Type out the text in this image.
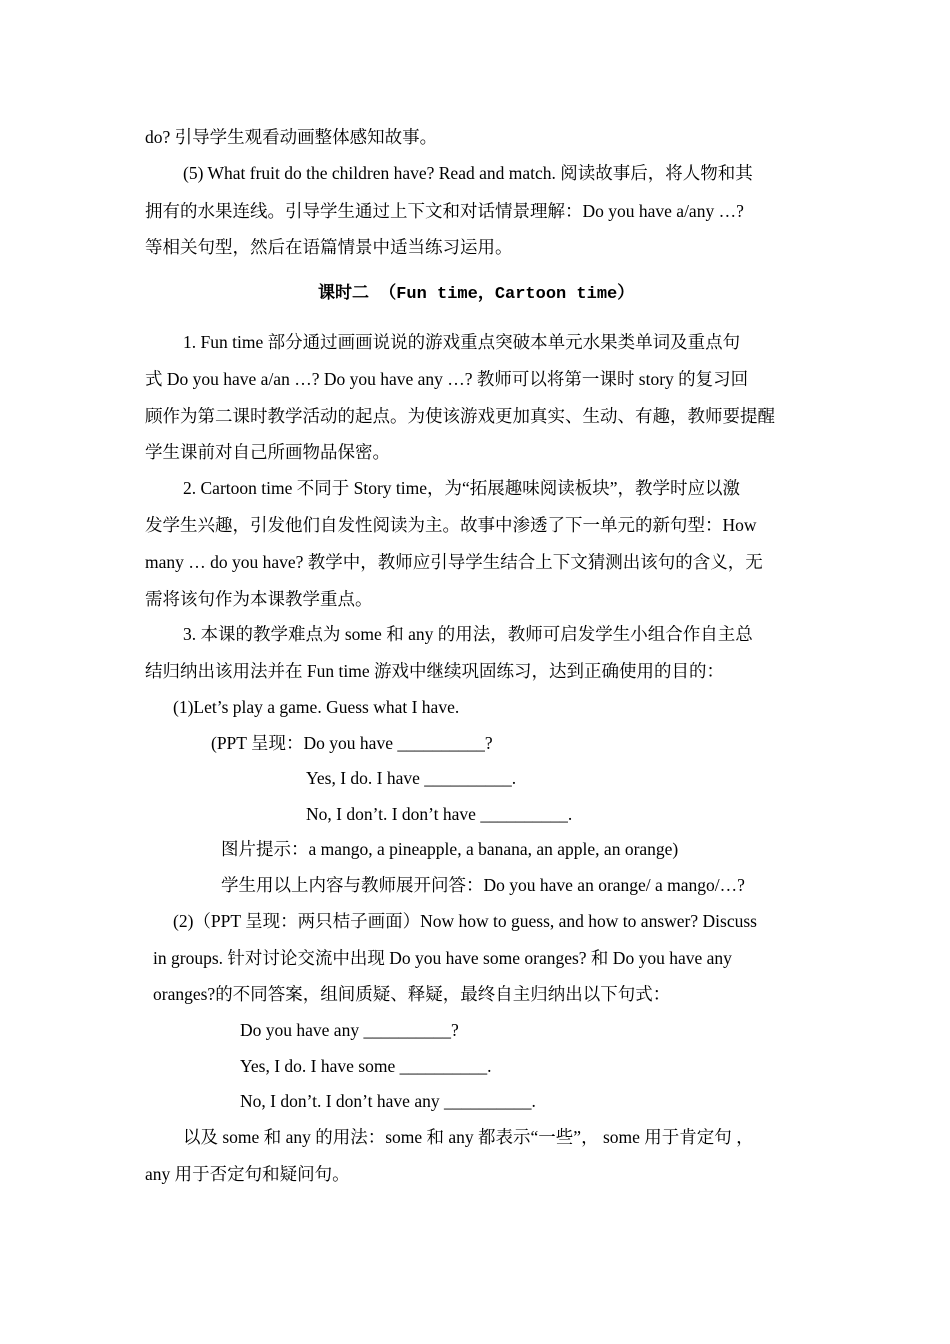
do? 引导学生观看动画整体感知故事。
(5) What fruit do the children have? Read and match. 阅读故事后，将人物和其
拥有的水果连线。引导学生通过上下文和对话情景理解：Do you have a/any …?
等相关句型，然后在语篇情景中适当练习运用。
课时二 （Fun time，Cartoon time）
1. Fun time 部分通过画画说说的游戏重点突破本单元水果类单词及重点句
式 Do you have a/an …? Do you have any …? 教师可以将第一课时 story 的复习回
顾作为第二课时教学活动的起点。为使该游戏更加真实、生动、有趣，教师要提醒
学生课前对自己所画物品保密。
2. Cartoon time 不同于 Story time，为“拓展趣味阅读板块”，教学时应以激
发学生兴趣，引发他们自发性阅读为主。故事中渗透了下一单元的新句型：How
many … do you have? 教学中，教师应引导学生结合上下文猜测出该句的含义，无
需将该句作为本课教学重点。
3. 本课的教学难点为 some 和 any 的用法，教师可启发学生小组合作自主总
结归纳出该用法并在 Fun time 游戏中继续巩固练习，达到正确使用的目的：
(1)Let’s play a game. Guess what I have.
(PPT 呈现：Do you have __________?
Yes, I do. I have __________.
No, I don’t. I don’t have __________.
图片提示：a mango, a pineapple, a banana, an apple, an orange)
学生用以上内容与教师展开问答：Do you have an orange/ a mango/…?
(2)（PPT 呈现：两只桔子画面）Now how to guess, and how to answer? Discuss
in groups. 针对讨论交流中出现 Do you have some oranges? 和 Do you have any
oranges?的不同答案，组间质疑、释疑，最终自主归纳出以下句式：
Do you have any __________?
Yes, I do. I have some __________.
No, I don’t. I don’t have any __________.
以及 some 和 any 的用法：some 和 any 都表示“一些”， some 用于肯定句 ，
any 用于否定句和疑问句。
